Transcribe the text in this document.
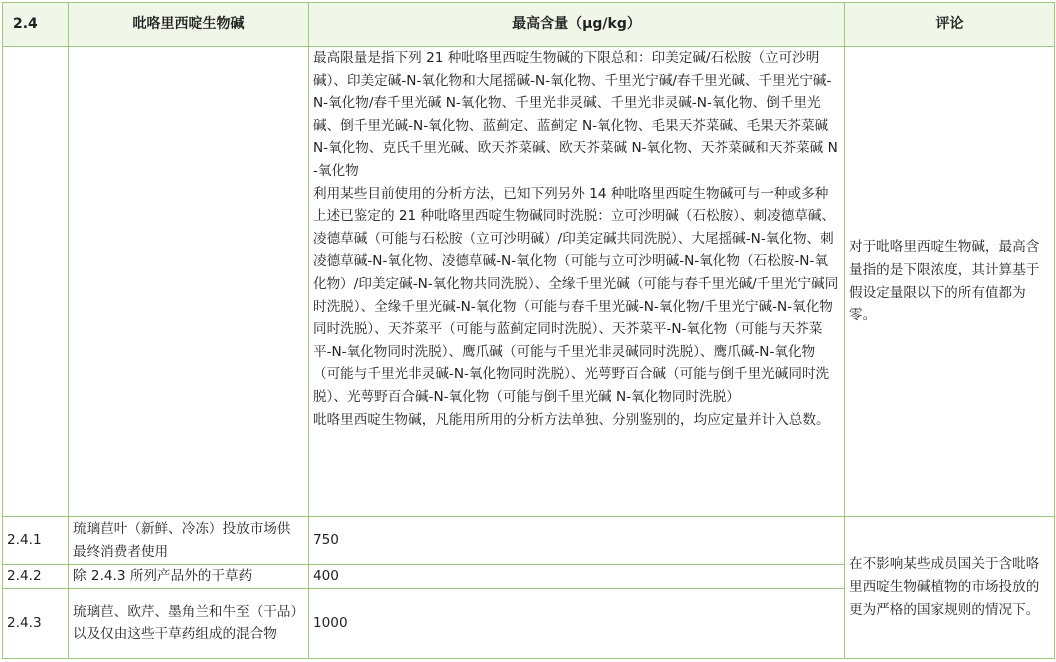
2.4	吡咯里西啶生物碱	最高含量（μg/kg）	评论

		最高限量是指下列 21 种吡咯里西啶生物碱的下限总和：印美定碱/石松胺（立可沙明碱）、印美定碱-N-氧化物和大尾摇碱-N-氧化物、千里光宁碱/春千里光碱、千里光宁碱-N-氧化物/春千里光碱 N-氧化物、千里光非灵碱、千里光非灵碱-N-氧化物、倒千里光碱、倒千里光碱-N-氧化物、蓝蓟定、蓝蓟定 N-氧化物、毛果天芥菜碱、毛果天芥菜碱 N-氧化物、克氏千里光碱、欧天芥菜碱、欧天芥菜碱 N-氧化物、天芥菜碱和天芥菜碱 N-氧化物

利用某些目前使用的分析方法，已知下列另外 14 种吡咯里西啶生物碱可与一种或多种上述已鉴定的 21 种吡咯里西啶生物碱同时洗脱：立可沙明碱（石松胺）、刺凌德草碱、凌德草碱（可能与石松胺（立可沙明碱）/印美定碱共同洗脱）、大尾摇碱-N-氧化物、刺凌德草碱-N-氧化物、凌德草碱-N-氧化物（可能与立可沙明碱-N-氧化物（石松胺-N-氧化物）/印美定碱-N-氧化物共同洗脱）、全缘千里光碱（可能与春千里光碱/千里光宁碱同时洗脱）、全缘千里光碱-N-氧化物（可能与春千里光碱-N-氧化物/千里光宁碱-N-氧化物同时洗脱）、天芥菜平（可能与蓝蓟定同时洗脱）、天芥菜平-N-氧化物（可能与天芥菜平-N-氧化物同时洗脱）、鹰爪碱（可能与千里光非灵碱同时洗脱）、鹰爪碱-N-氧化物（可能与千里光非灵碱-N-氧化物同时洗脱）、光萼野百合碱（可能与倒千里光碱同时洗脱）、光萼野百合碱-N-氧化物（可能与倒千里光碱 N-氧化物同时洗脱）

吡咯里西啶生物碱，凡能用所用的分析方法单独、分别鉴别的，均应定量并计入总数。	对于吡咯里西啶生物碱，最高含量指的是下限浓度，其计算基于假设定量限以下的所有值都为零。
2.4.1	琉璃苣叶（新鲜、冷冻）投放市场供最终消费者使用	750	在不影响某些成员国关于含吡咯里西啶生物碱植物的市场投放的更为严格的国家规则的情况下。
2.4.2	除 2.4.3 所列产品外的干草药	400	
2.4.3	琉璃苣、欧芹、墨角兰和牛至（干品）以及仅由这些干草药组成的混合物	1000	
